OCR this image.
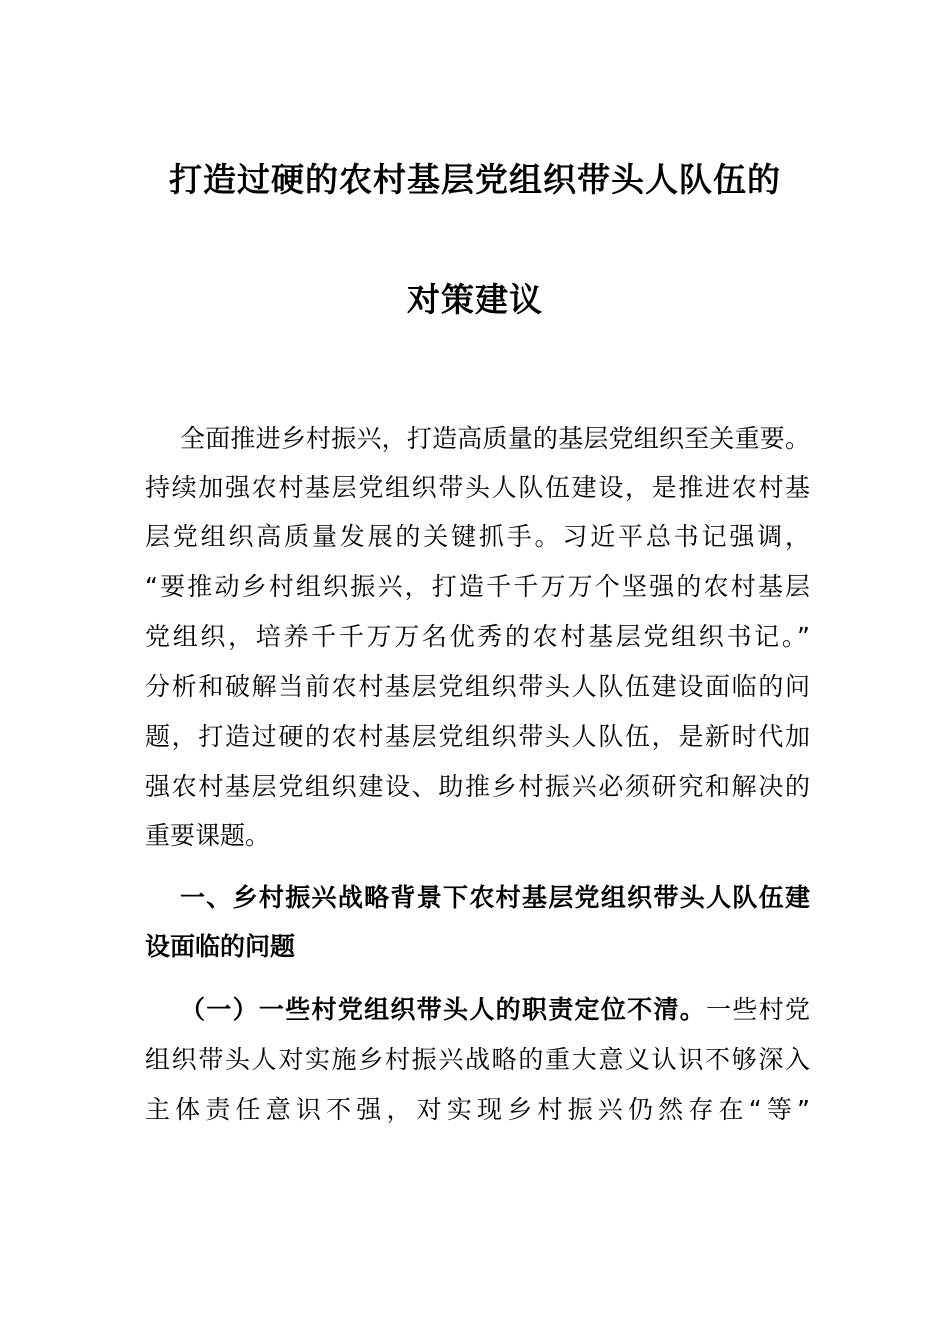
打造过硬的农村基层党组织带头人队伍的
对策建议
全面推进乡村振兴，打造高质量的基层党组织至关重要。
持续加强农村基层党组织带头人队伍建设，是推进农村基
层党组织高质量发展的关键抓手。习近平总书记强调，
“要推动乡村组织振兴，打造千千万万个坚强的农村基层
党组织，培养千千万万名优秀的农村基层党组织书记。”
分析和破解当前农村基层党组织带头人队伍建设面临的问
题，打造过硬的农村基层党组织带头人队伍，是新时代加
强农村基层党组织建设、助推乡村振兴必须研究和解决的
重要课题。
一、乡村振兴战略背景下农村基层党组织带头人队伍建
设面临的问题
（一）一些村党组织带头人的职责定位不清。一些村党
组织带头人对实施乡村振兴战略的重大意义认识不够深入
主体责任意识不强，对实现乡村振兴仍然存在“等”
